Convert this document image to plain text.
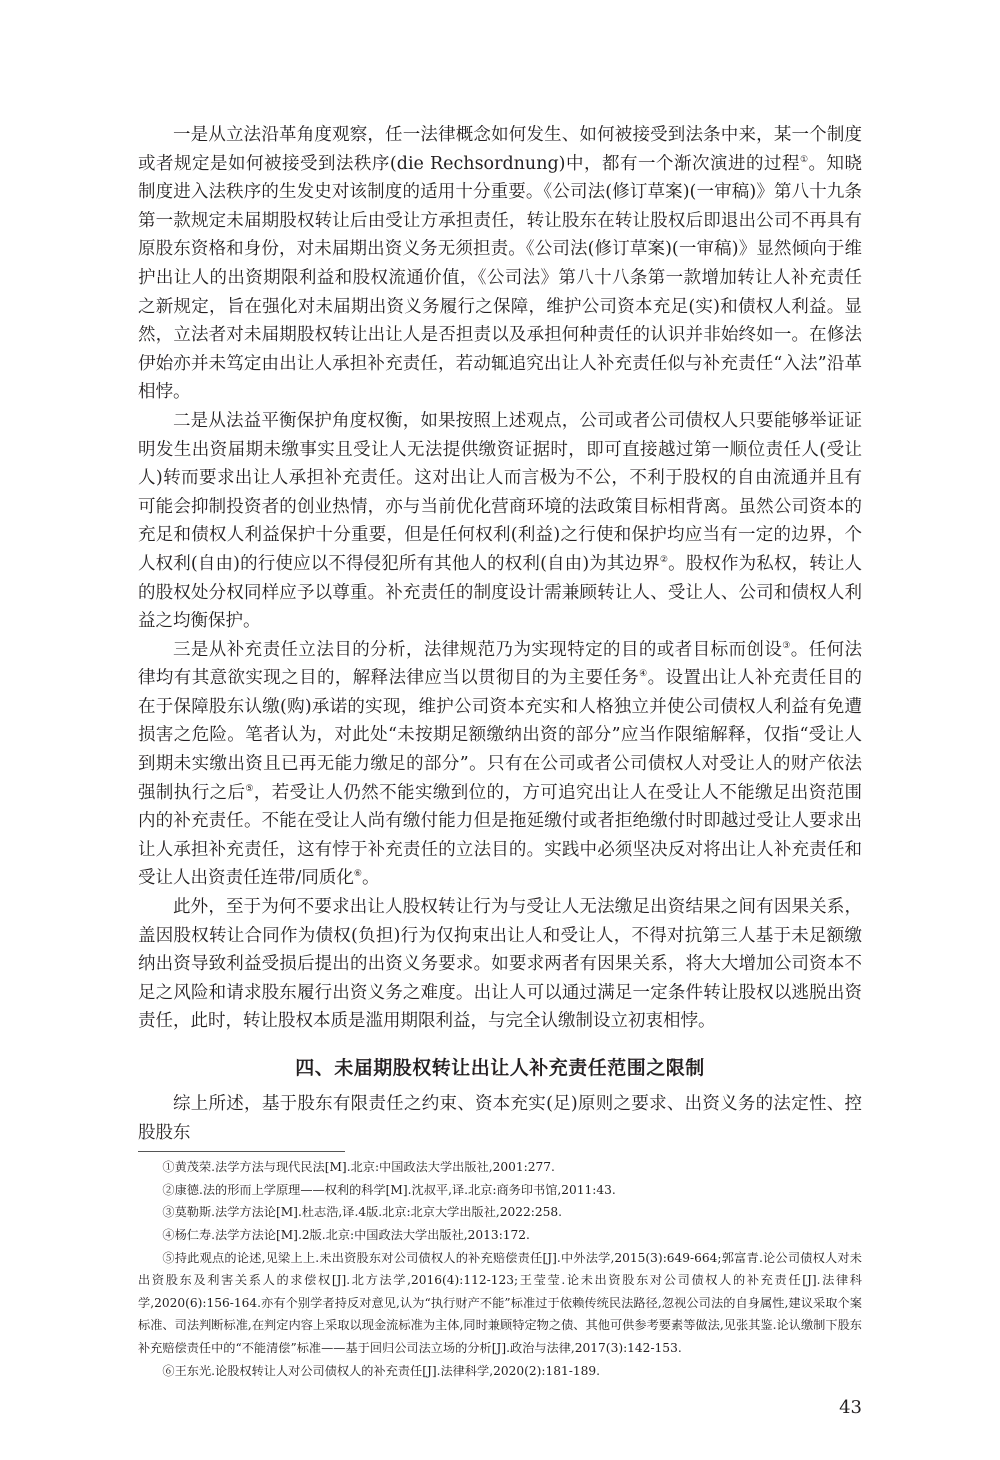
一是从立法沿革角度观察，任一法律概念如何发生、如何被接受到法条中来，某一个制度或者规定是如何被接受到法秩序(die Rechsordnung)中，都有一个渐次演进的过程①。知晓制度进入法秩序的生发史对该制度的适用十分重要。《公司法(修订草案)(一审稿)》第八十九条第一款规定未届期股权转让后由受让方承担责任，转让股东在转让股权后即退出公司不再具有原股东资格和身份，对未届期出资义务无须担责。《公司法(修订草案)(一审稿)》显然倾向于维护出让人的出资期限利益和股权流通价值，《公司法》第八十八条第一款增加转让人补充责任之新规定，旨在强化对未届期出资义务履行之保障，维护公司资本充足(实)和债权人利益。显然，立法者对未届期股权转让出让人是否担责以及承担何种责任的认识并非始终如一。在修法伊始亦并未笃定由出让人承担补充责任，若动辄追究出让人补充责任似与补充责任“入法”沿革相悖。

二是从法益平衡保护角度权衡，如果按照上述观点，公司或者公司债权人只要能够举证证明发生出资届期未缴事实且受让人无法提供缴资证据时，即可直接越过第一顺位责任人(受让人)转而要求出让人承担补充责任。这对出让人而言极为不公，不利于股权的自由流通并且有可能会抑制投资者的创业热情，亦与当前优化营商环境的法政策目标相背离。虽然公司资本的充足和债权人利益保护十分重要，但是任何权利(利益)之行使和保护均应当有一定的边界，个人权利(自由)的行使应以不得侵犯所有其他人的权利(自由)为其边界②。股权作为私权，转让人的股权处分权同样应予以尊重。补充责任的制度设计需兼顾转让人、受让人、公司和债权人利益之均衡保护。

三是从补充责任立法目的分析，法律规范乃为实现特定的目的或者目标而创设③。任何法律均有其意欲实现之目的，解释法律应当以贯彻目的为主要任务④。设置出让人补充责任目的在于保障股东认缴(购)承诺的实现，维护公司资本充实和人格独立并使公司债权人利益有免遭损害之危险。笔者认为，对此处“未按期足额缴纳出资的部分”应当作限缩解释，仅指“受让人到期未实缴出资且已再无能力缴足的部分”。只有在公司或者公司债权人对受让人的财产依法强制执行之后⑤，若受让人仍然不能实缴到位的，方可追究出让人在受让人不能缴足出资范围内的补充责任。不能在受让人尚有缴付能力但是拖延缴付或者拒绝缴付时即越过受让人要求出让人承担补充责任，这有悖于补充责任的立法目的。实践中必须坚决反对将出让人补充责任和受让人出资责任连带/同质化⑥。

此外，至于为何不要求出让人股权转让行为与受让人无法缴足出资结果之间有因果关系，盖因股权转让合同作为债权(负担)行为仅拘束出让人和受让人，不得对抗第三人基于未足额缴纳出资导致利益受损后提出的出资义务要求。如要求两者有因果关系，将大大增加公司资本不足之风险和请求股东履行出资义务之难度。出让人可以通过满足一定条件转让股权以逃脱出资责任，此时，转让股权本质是滥用期限利益，与完全认缴制设立初衷相悖。

四、未届期股权转让出让人补充责任范围之限制

综上所述，基于股东有限责任之约束、资本充实(足)原则之要求、出资义务的法定性、控股股东

①黄茂荣.法学方法与现代民法[M].北京:中国政法大学出版社,2001:277.

②康德.法的形而上学原理——权利的科学[M].沈叔平,译.北京:商务印书馆,2011:43.

③莫勒斯.法学方法论[M].杜志浩,译.4版.北京:北京大学出版社,2022:258.

④杨仁寿.法学方法论[M].2版.北京:中国政法大学出版社,2013:172.

⑤持此观点的论述,见梁上上.未出资股东对公司债权人的补充赔偿责任[J].中外法学,2015(3):649-664;郭富青.论公司债权人对未出资股东及利害关系人的求偿权[J].北方法学,2016(4):112-123;王莹莹.论未出资股东对公司债权人的补充责任[J].法律科学,2020(6):156-164.亦有个别学者持反对意见,认为“执行财产不能”标准过于依赖传统民法路径,忽视公司法的自身属性,建议采取个案标准、司法判断标准,在判定内容上采取以现金流标准为主体,同时兼顾特定物之债、其他可供参考要素等做法,见张其鉴.论认缴制下股东补充赔偿责任中的“不能清偿”标准——基于回归公司法立场的分析[J].政治与法律,2017(3):142-153.

⑥王东光.论股权转让人对公司债权人的补充责任[J].法律科学,2020(2):181-189.

43
